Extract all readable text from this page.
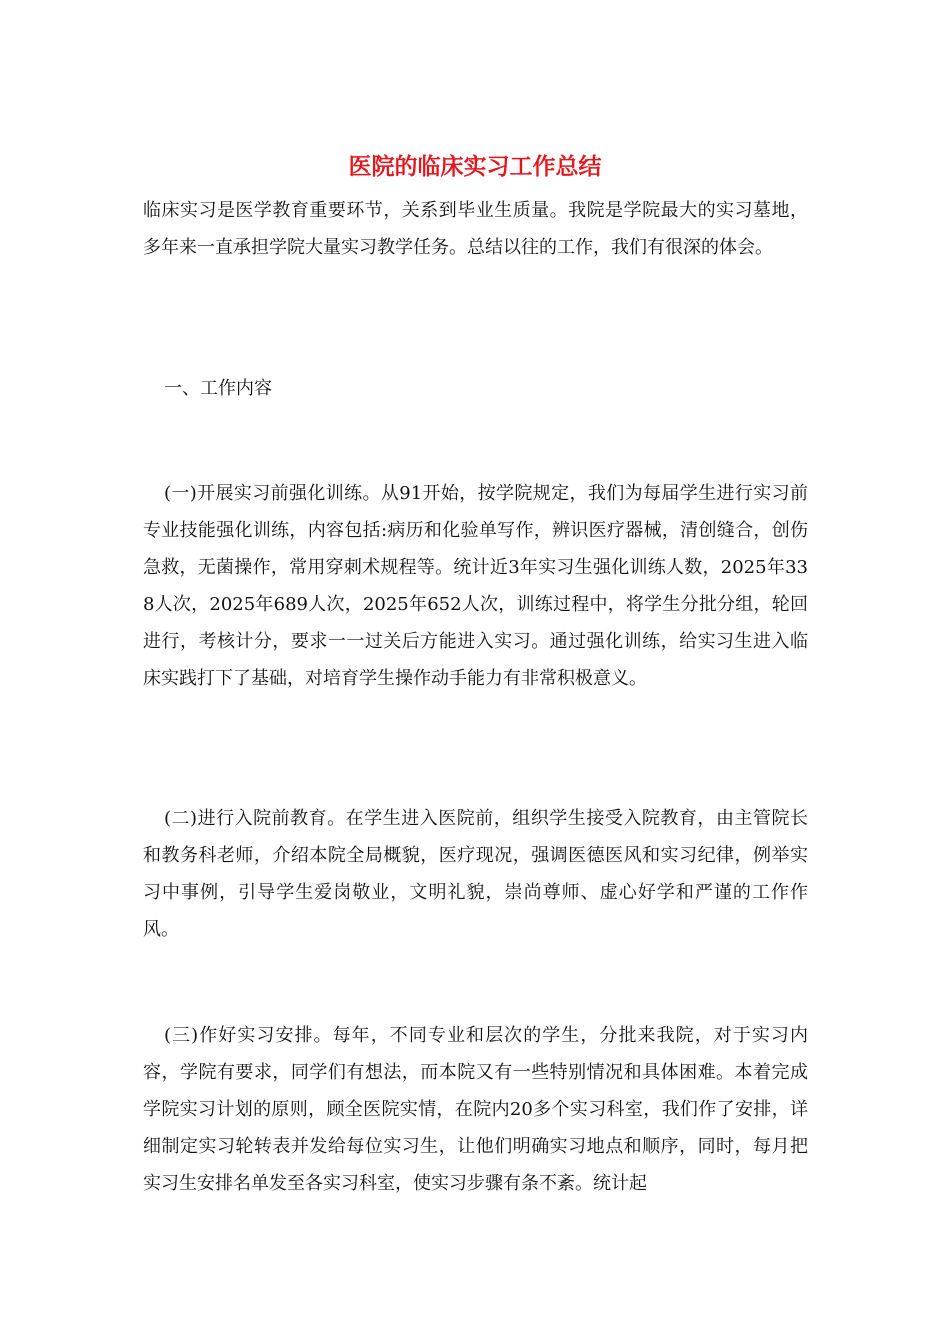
医院的临床实习工作总结

临床实习是医学教育重要环节，关系到毕业生质量。我院是学院最大的实习墓地，多年来一直承担学院大量实习教学任务。总结以往的工作，我们有很深的体会。

一、工作内容

(一)开展实习前强化训练。从91开始，按学院规定，我们为每届学生进行实习前专业技能强化训练，内容包括:病历和化验单写作，辨识医疗器械，清创缝合，创伤急救，无菌操作，常用穿刺术规程等。统计近3年实习生强化训练人数，2025年338人次，2025年689人次，2025年652人次，训练过程中，将学生分批分组，轮回进行，考核计分，要求一一过关后方能进入实习。通过强化训练，给实习生进入临床实践打下了基础，对培育学生操作动手能力有非常积极意义。

(二)进行入院前教育。在学生进入医院前，组织学生接受入院教育，由主管院长和教务科老师，介绍本院全局概貌，医疗现况，强调医德医风和实习纪律，例举实习中事例，引导学生爱岗敬业，文明礼貌，崇尚尊师、虚心好学和严谨的工作作风。

(三)作好实习安排。每年，不同专业和层次的学生，分批来我院，对于实习内容，学院有要求，同学们有想法，而本院又有一些特别情况和具体困难。本着完成学院实习计划的原则，顾全医院实情，在院内20多个实习科室，我们作了安排，详细制定实习轮转表并发给每位实习生，让他们明确实习地点和顺序，同时，每月把实习生安排名单发至各实习科室，使实习步骤有条不紊。统计起
